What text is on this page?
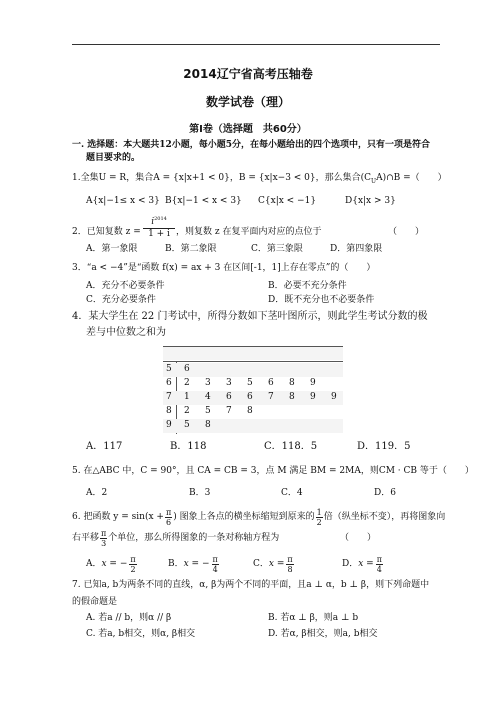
2014辽宁省高考压轴卷
数学试卷（理）
第Ⅰ卷（选择题　共60分）
一. 选择题：本大题共12小题，每小题5分，在每小题给出的四个选项中，只有一项是符合
题目要求的。
1.全集U = R，集合A = {x|x+1 < 0}，B = {x|x−3 < 0}，那么集合$(C_UA)\cap B$ =（　　）
A{x|−1≤ x < 3} B{x|−1 < x < 3} C{x|x < −1}	D{x|x > 3}
2．已知复数 $z = \frac{i^{2014}}{1 + i}$ ，则复数 z 在复平面内对应的点位于	（　　）
A．第一象限	B．第二象限	C．第三象限	D．第四象限
3．“a < −4”是“函数 f(x) = ax + 3 在区间[-1，1]上存在零点”的（　　）
A．充分不必要条件	B．必要不充分条件
C．充分必要条件	D．既不充分也不必要条件
4．某大学生在 22 门考试中，所得分数如下茎叶图所示，则此学生考试分数的极
差与中位数之和为
5 6
6 2 3 3 5 6 8 9
7 1 4 6 6 7 8 9 9
8 2 5 7 8
9 5 8
A．117	B．118	C．118．5	D．119．5
5. 在△ABC 中，C = 90°，且 CA = CB = 3，点 M 满足 BM = 2MA，则CM · CB 等于（　　）
A．2	B．3	C．4	D．6
6. 把函数 $y = \sin(x + \frac{\pi}{6}$ ) 图象上各点的横坐标缩短到原来的 $\frac{1}{2}$ 倍（纵坐标不变），再将图象向
右平移 $\frac{\pi}{3}$ 个单位，那么所得图象的一条对称轴方程为	（　　）
A． x = − $\frac{\pi}{2}$	B． x = − $\frac{\pi}{4}$	C． $x = \frac{\pi}{8}$	D． $x = \frac{\pi}{4}$
7. 已知a, b为两条不同的直线，α, β为两个不同的平面，且a ⊥ α，b ⊥ β，则下列命题中
的假命题是
A. 若a // b，则α // β	B. 若α ⊥ β，则a ⊥ b
C. 若a, b相交，则α, β相交	D. 若α, β相交，则a, b相交
